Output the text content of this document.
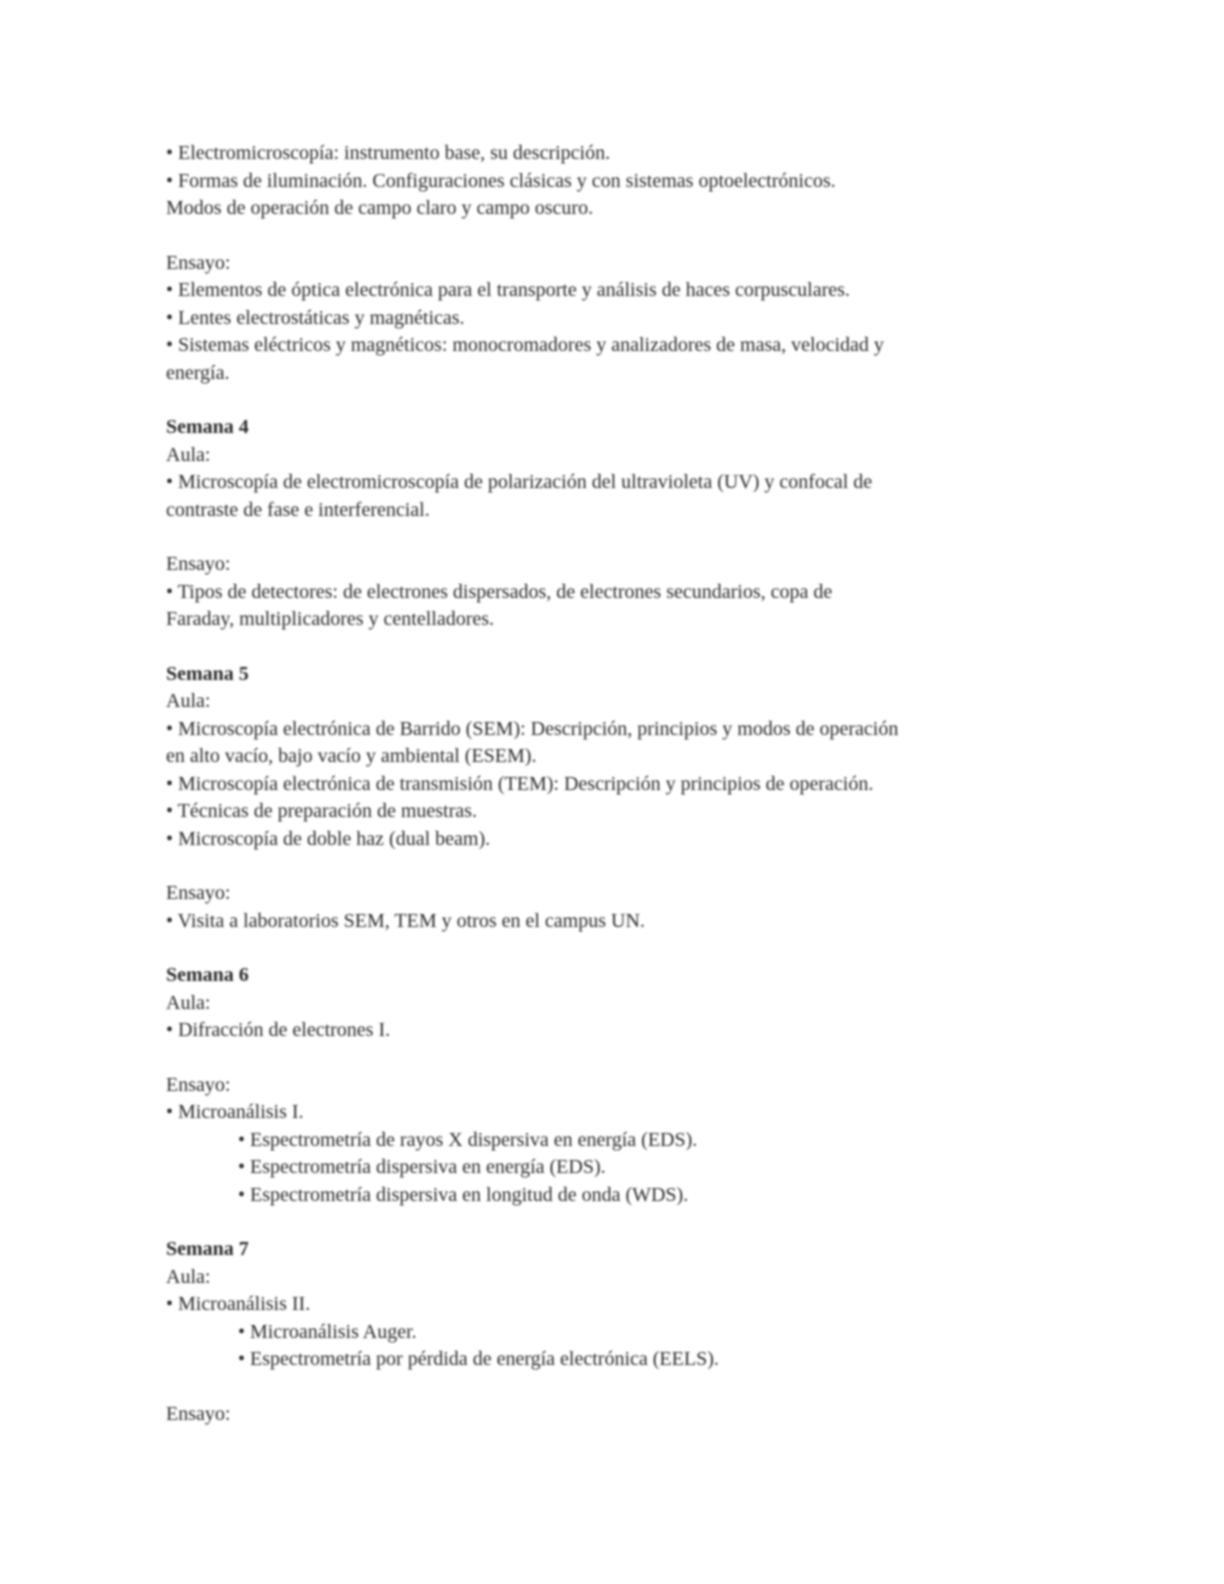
• Electromicroscopía: instrumento base, su descripción.
• Formas de iluminación. Configuraciones clásicas y con sistemas optoelectrónicos.
Modos de operación de campo claro y campo oscuro.
Ensayo:
• Elementos de óptica electrónica para el transporte y análisis de haces corpusculares.
• Lentes electrostáticas y magnéticas.
• Sistemas eléctricos y magnéticos: monocromadores y analizadores de masa, velocidad y
energía.
Semana 4
Aula:
• Microscopía de electromicroscopía de polarización del ultravioleta (UV) y confocal de
contraste de fase e interferencial.
Ensayo:
• Tipos de detectores: de electrones dispersados, de electrones secundarios, copa de
Faraday, multiplicadores y centelladores.
Semana 5
Aula:
• Microscopía electrónica de Barrido (SEM): Descripción, principios y modos de operación
en alto vacío, bajo vacío y ambiental (ESEM).
• Microscopía electrónica de transmisión (TEM): Descripción y principios de operación.
• Técnicas de preparación de muestras.
• Microscopía de doble haz (dual beam).
Ensayo:
• Visita a laboratorios SEM, TEM y otros en el campus UN.
Semana 6
Aula:
• Difracción de electrones I.
Ensayo:
• Microanálisis I.
• Espectrometría de rayos X dispersiva en energía (EDS).
• Espectrometría dispersiva en energía (EDS).
• Espectrometría dispersiva en longitud de onda (WDS).
Semana 7
Aula:
• Microanálisis II.
• Microanálisis Auger.
• Espectrometría por pérdida de energía electrónica (EELS).
Ensayo:
